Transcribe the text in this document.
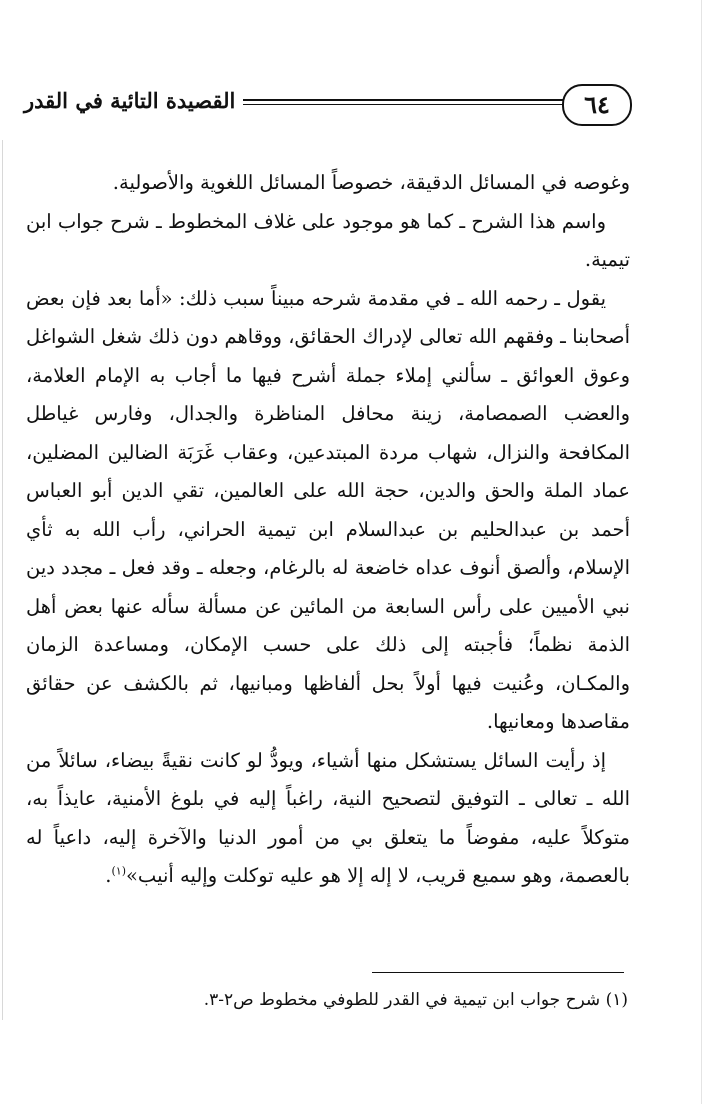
القصيدة التائية في القدر	٦٤

وغوصه في المسائل الدقيقة، خصوصاً المسائل اللغوية والأصولية.

واسم هذا الشرح ـ كما هو موجود على غلاف المخطوط ـ شرح جواب ابن تيمية.

يقول ـ رحمه الله ـ في مقدمة شرحه مبيناً سبب ذلك: «أما بعد فإن بعض أصحابنا ـ وفقهم الله تعالى لإدراك الحقائق، ووقاهم دون ذلك شغل الشواغل وعوق العوائق ـ سألني إملاء جملة أشرح فيها ما أجاب به الإمام العلامة، والعضب الصمصامة، زينة محافل المناظرة والجدال، وفارس غياطل المكافحة والنزال، شهاب مردة المبتدعين، وعقاب غَرَبَة الضالين المضلين، عماد الملة والحق والدين، حجة الله على العالمين، تقي الدين أبو العباس أحمد بن عبدالحليم بن عبدالسلام ابن تيمية الحراني، رأب الله به ثأي الإسلام، وألصق أنوف عداه خاضعة له بالرغام، وجعله ـ وقد فعل ـ مجدد دين نبي الأميين على رأس السابعة من المائين عن مسألة سأله عنها بعض أهل الذمة نظماً؛ فأجبته إلى ذلك على حسب الإمكان، ومساعدة الزمان والمكـان، وعُنيت فيها أولاً بحل ألفاظها ومبانيها، ثم بالكشف عن حقائق مقاصدها ومعانيها.

إذ رأيت السائل يستشكل منها أشياء، ويودُّ لو كانت نقيةً بيضاء، سائلاً من الله ـ تعالى ـ التوفيق لتصحيح النية، راغباً إليه في بلوغ الأمنية، عايذاً به، متوكلاً عليه، مفوضاً ما يتعلق بي من أمور الدنيا والآخرة إليه، داعياً له بالعصمة، وهو سميع قريب، لا إله إلا هو عليه توكلت وإليه أنيب»$^{(١)}$.

(١) شرح جواب ابن تيمية في القدر للطوفي مخطوط ص٢-٣.
